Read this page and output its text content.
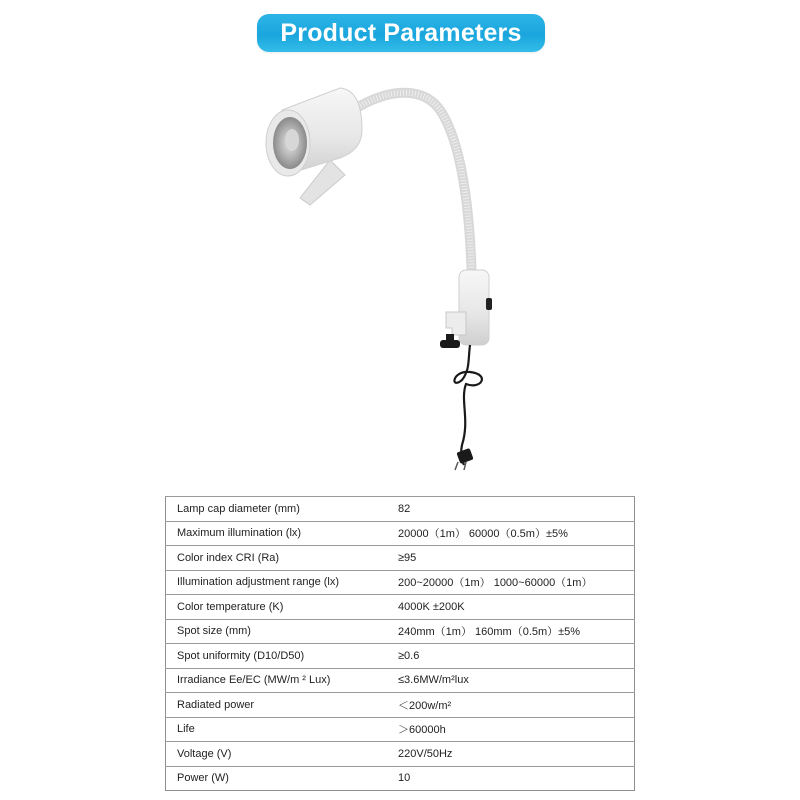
Product Parameters
Lamp cap diameter (mm)	82
Maximum illumination (lx)	20000（1m） 60000（0.5m）±5%
Color index CRI (Ra)	≥95
Illumination adjustment range (lx)	200~20000（1m） 1000~60000（1m）
Color temperature (K)	4000K ±200K
Spot size (mm)	240mm（1m） 160mm（0.5m）±5%
Spot uniformity (D10/D50)	≥0.6
Irradiance Ee/EC (MW/m ² Lux)	≤3.6MW/m²lux
Radiated power	＜200w/m²
Life	＞60000h
Voltage (V)	220V/50Hz
Power (W)	10
